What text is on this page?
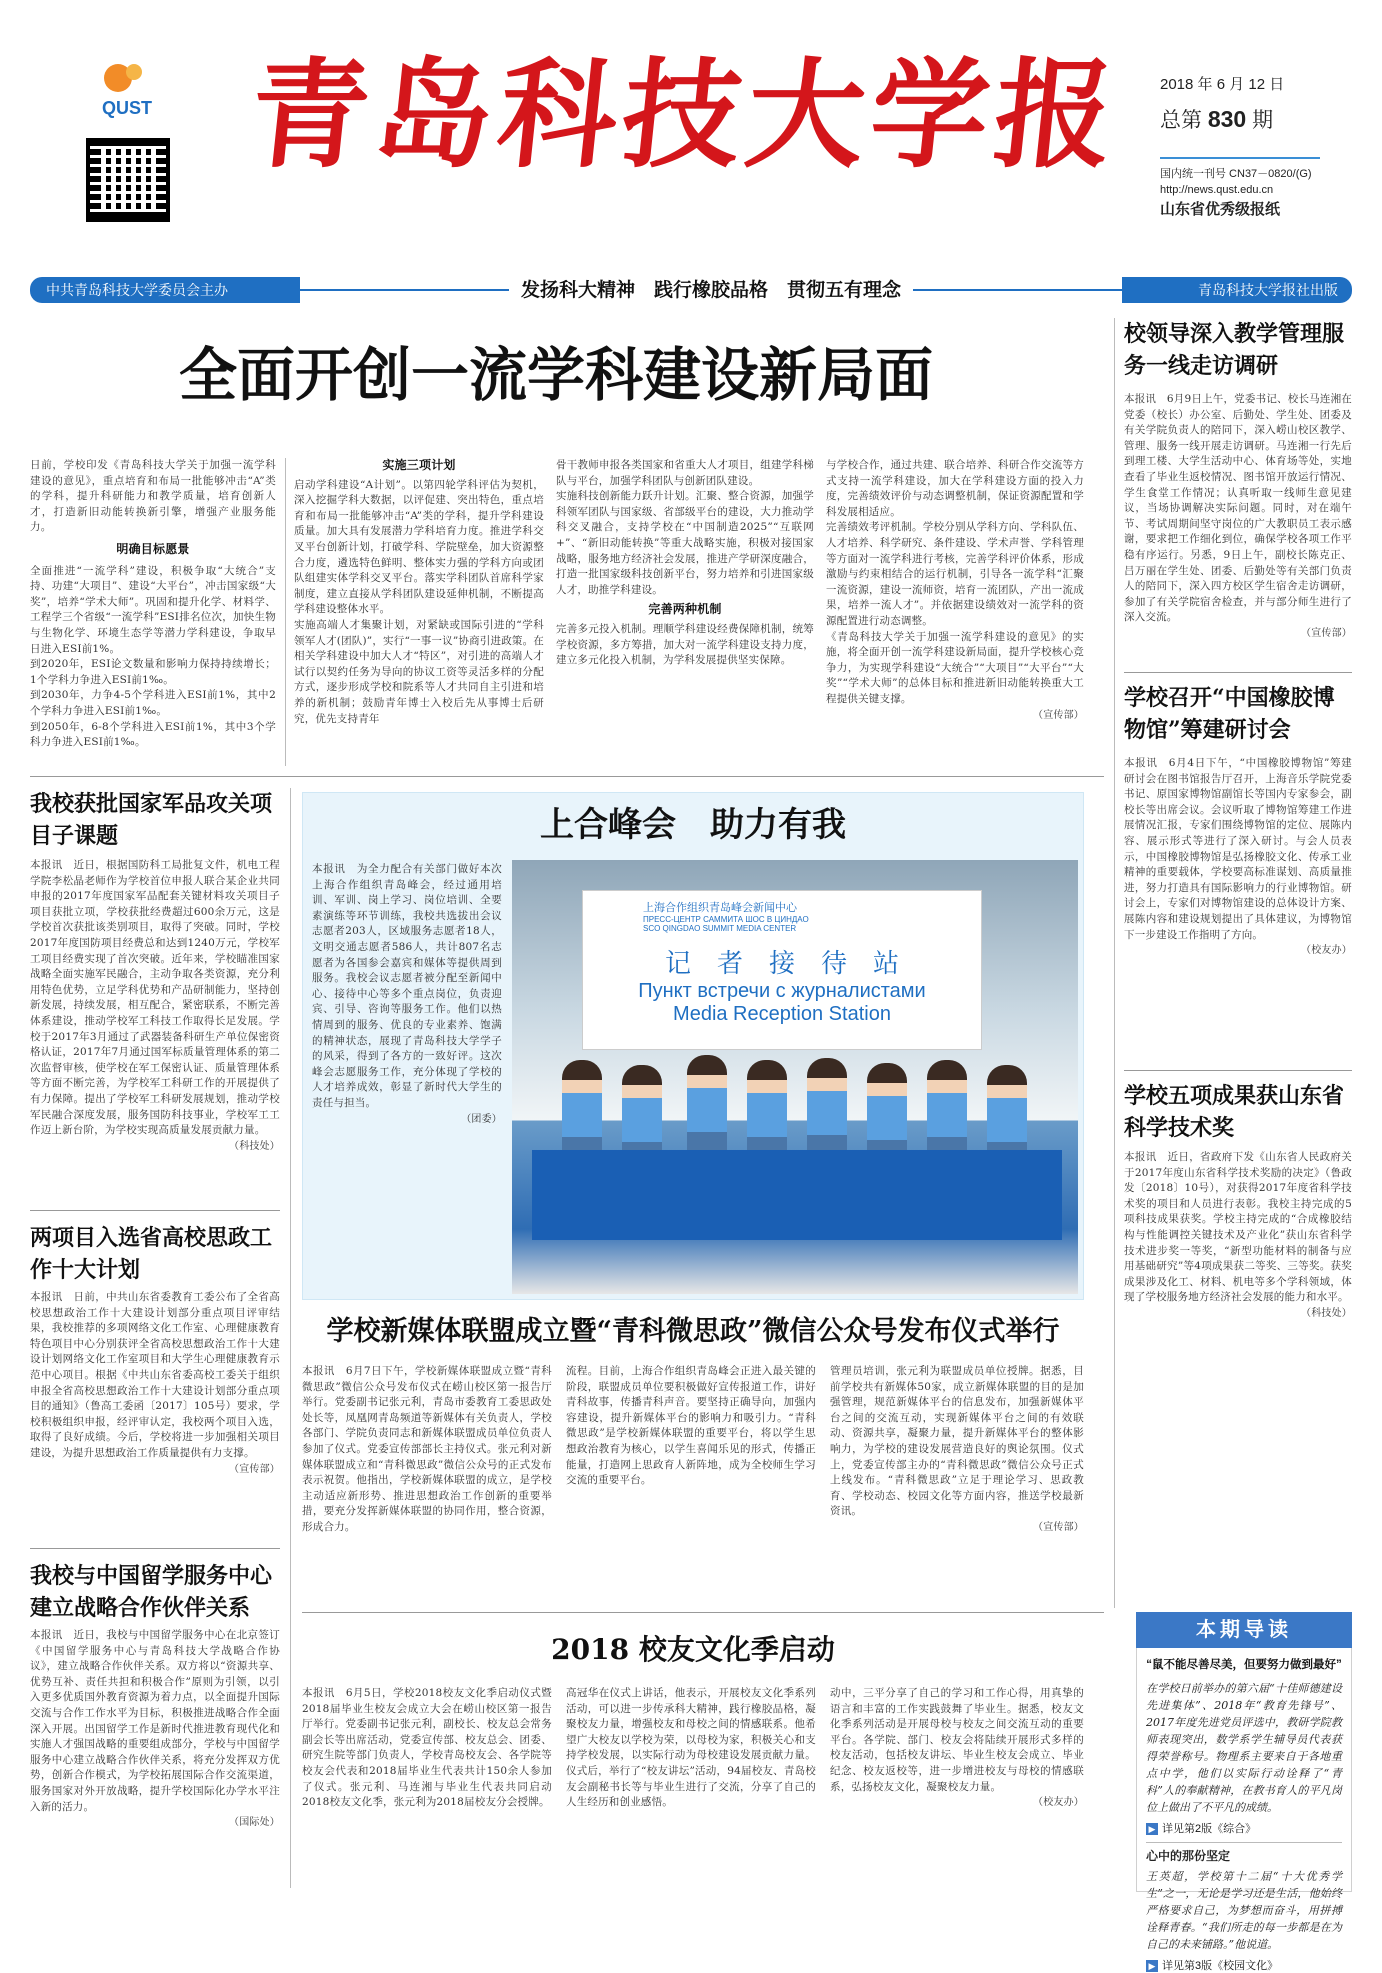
QUST 青岛科技大学报 2018 年 6 月 12 日
总第 830 期
国内统一刊号 CN37－0820/(G)
http://news.qust.edu.cn
山东省优秀级报纸
中共青岛科技大学委员会主办	发扬科大精神　践行橡胶品格　贯彻五有理念	青岛科技大学报社出版
全面开创一流学科建设新局面

日前，学校印发《青岛科技大学关于加强一流学科建设的意见》，重点培育和布局一批能够冲击“A”类的学科，提升科研能力和教学质量，培育创新人才，打造新旧动能转换新引擎，增强产业服务能力。

明确目标愿景

全面推进“一流学科”建设，积极争取“大统合”支持、功建“大项目”、建设“大平台”，冲击国家级“大奖”，培养“学术大师”。巩固和提升化学、材料学、工程学三个省级“一流学科”ESI排名位次，加快生物与生物化学、环境生态学等潜力学科建设，争取早日进入ESI前1%。

到2020年，ESI论文数量和影响力保持持续增长；1个学科力争进入ESI前1‰。

到2030年，力争4-5个学科进入ESI前1%，其中2个学科力争进入ESI前1‰。

到2050年，6-8个学科进入ESI前1%，其中3个学科力争进入ESI前1‰。

实施三项计划

启动学科建设“A计划”。以第四轮学科评估为契机，深入挖掘学科大数据，以评促建、突出特色，重点培育和布局一批能够冲击“A”类的学科，提升学科建设质量。加大具有发展潜力学科培育力度。推进学科交叉平台创新计划，打破学科、学院壁垒，加大资源整合力度，遴选特色鲜明、整体实力强的学科方向或团队组建实体学科交叉平台。落实学科团队首席科学家制度，建立直接从学科团队建设延伸机制，不断提高学科建设整体水平。

实施高端人才集聚计划，对紧缺或国际引进的“学科领军人才(团队)”，实行“一事一议”协商引进政策。在相关学科建设中加大人才“特区”，对引进的高端人才试行以契约任务为导向的协议工资等灵活多样的分配方式，逐步形成学校和院系等人才共同自主引进和培养的新机制；鼓励青年博士入校后先从事博士后研究，优先支持青年

骨干教师申报各类国家和省重大人才项目，组建学科梯队与平台，加强学科团队与创新团队建设。

实施科技创新能力跃升计划。汇聚、整合资源，加强学科领军团队与国家级、省部级平台的建设，大力推动学科交叉融合，支持学校在“中国制造2025”“互联网+”、“新旧动能转换”等重大战略实施，积极对接国家战略，服务地方经济社会发展，推进产学研深度融合，打造一批国家级科技创新平台，努力培养和引进国家级人才，助推学科建设。

完善两种机制

完善多元投入机制。理顺学科建设经费保障机制，统筹学校资源，多方筹措，加大对一流学科建设支持力度，建立多元化投入机制，为学科发展提供坚实保障。

与学校合作，通过共建、联合培养、科研合作交流等方式支持一流学科建设，加大在学科建设方面的投入力度，完善绩效评价与动态调整机制，保证资源配置和学科发展相适应。

完善绩效考评机制。学校分别从学科方向、学科队伍、人才培养、科学研究、条件建设、学术声誉、学科管理等方面对一流学科进行考核，完善学科评价体系，形成激励与约束相结合的运行机制，引导各一流学科“汇聚一流资源，建设一流师资，培育一流团队，产出一流成果，培养一流人才”。并依据建设绩效对一流学科的资源配置进行动态调整。

《青岛科技大学关于加强一流学科建设的意见》的实施，将全面开创一流学科建设新局面，提升学校核心竞争力，为实现学科建设“大统合”“大项目”“大平台”“大奖”“学术大师”的总体目标和推进新旧动能转换重大工程提供关键支撑。

（宣传部）
校领导深入教学管理服务一线走访调研

本报讯　6月9日上午，党委书记、校长马连湘在党委（校长）办公室、后勤处、学生处、团委及有关学院负责人的陪同下，深入崂山校区教学、管理、服务一线开展走访调研。马连湘一行先后到理工楼、大学生活动中心、体育场等处，实地查看了毕业生返校情况、图书馆开放运行情况、学生食堂工作情况；认真听取一线师生意见建议，当场协调解决实际问题。同时，对在端午节、考试周期间坚守岗位的广大教职员工表示感谢，要求把工作细化到位，确保学校各项工作平稳有序运行。另悉，9日上午，副校长陈克正、吕万丽在学生处、团委、后勤处等有关部门负责人的陪同下，深入四方校区学生宿舍走访调研，参加了有关学院宿舍检查，并与部分师生进行了深入交流。

（宣传部）
学校召开“中国橡胶博物馆”筹建研讨会

本报讯　6月4日下午，“中国橡胶博物馆”筹建研讨会在图书馆报告厅召开，上海音乐学院党委书记、原国家博物馆副馆长等国内专家参会，副校长等出席会议。会议听取了博物馆筹建工作进展情况汇报，专家们围绕博物馆的定位、展陈内容、展示形式等进行了深入研讨。与会人员表示，中国橡胶博物馆是弘扬橡胶文化、传承工业精神的重要载体，学校要高标准谋划、高质量推进，努力打造具有国际影响力的行业博物馆。研讨会上，专家们对博物馆建设的总体设计方案、展陈内容和建设规划提出了具体建议，为博物馆下一步建设工作指明了方向。

（校友办）
学校五项成果获山东省科学技术奖

本报讯　近日，省政府下发《山东省人民政府关于2017年度山东省科学技术奖励的决定》（鲁政发〔2018〕10号），对获得2017年度省科学技术奖的项目和人员进行表彰。我校主持完成的5项科技成果获奖。学校主持完成的“合成橡胶结构与性能调控关键技术及产业化”获山东省科学技术进步奖一等奖，“新型功能材料的制备与应用基础研究”等4项成果获二等奖、三等奖。获奖成果涉及化工、材料、机电等多个学科领域，体现了学校服务地方经济社会发展的能力和水平。

（科技处）
我校获批国家军品攻关项目子课题

本报讯　近日，根据国防科工局批复文件，机电工程学院李松晶老师作为学校首位申报人联合某企业共同申报的2017年度国家军品配套关键材料攻关项目子项目获批立项，学校获批经费超过600余万元，这是学校首次获批该类别项目，取得了突破。同时，学校2017年度国防项目经费总和达到1240万元，学校军工项目经费实现了首次突破。近年来，学校瞄准国家战略全面实施军民融合，主动争取各类资源，充分利用特色优势，立足学科优势和产品研制能力，坚持创新发展，持续发展，相互配合，紧密联系，不断完善体系建设，推动学校军工科技工作取得长足发展。学校于2017年3月通过了武器装备科研生产单位保密资格认证，2017年7月通过国军标质量管理体系的第二次监督审核，使学校在军工保密认证、质量管理体系等方面不断完善，为学校军工科研工作的开展提供了有力保障。提出了学校军工科研发展规划，推动学校军民融合深度发展，服务国防科技事业，学校军工工作迈上新台阶，为学校实现高质量发展贡献力量。

（科技处）
两项目入选省高校思政工作十大计划

本报讯　日前，中共山东省委教育工委公布了全省高校思想政治工作十大建设计划部分重点项目评审结果，我校推荐的多项网络文化工作室、心理健康教育特色项目中心分别获评全省高校思想政治工作十大建设计划网络文化工作室项目和大学生心理健康教育示范中心项目。根据《中共山东省委高校工委关于组织申报全省高校思想政治工作十大建设计划部分重点项目的通知》（鲁高工委函〔2017〕105号）要求，学校积极组织申报，经评审认定，我校两个项目入选，取得了良好成绩。今后，学校将进一步加强相关项目建设，为提升思想政治工作质量提供有力支撑。

（宣传部）
我校与中国留学服务中心建立战略合作伙伴关系

本报讯　近日，我校与中国留学服务中心在北京签订《中国留学服务中心与青岛科技大学战略合作协议》，建立战略合作伙伴关系。双方将以“资源共享、优势互补、责任共担和积极合作”原则为引领，以引入更多优质国外教育资源为着力点，以全面提升国际交流与合作工作水平为目标，积极推进战略合作全面深入开展。出国留学工作是新时代推进教育现代化和实施人才强国战略的重要组成部分，学校与中国留学服务中心建立战略合作伙伴关系，将充分发挥双方优势，创新合作模式，为学校拓展国际合作交流渠道，服务国家对外开放战略，提升学校国际化办学水平注入新的活力。

（国际处）
上合峰会　助力有我

本报讯　为全力配合有关部门做好本次上海合作组织青岛峰会，经过通用培训、军训、岗上学习、岗位培训、全要素演练等环节训练，我校共选拔出会议志愿者203人，区域服务志愿者18人，文明交通志愿者586人，共计807名志愿者为各国参会嘉宾和媒体等提供周到服务。我校会议志愿者被分配至新闻中心、接待中心等多个重点岗位，负责迎宾、引导、咨询等服务工作。他们以热情周到的服务、优良的专业素养、饱满的精神状态，展现了青岛科技大学学子的风采，得到了各方的一致好评。这次峰会志愿服务工作，充分体现了学校的人才培养成效，彰显了新时代大学生的责任与担当。

（团委）
上海合作组织青岛峰会新闻中心
ПРЕСС-ЦЕНТР САММИТА ШОС В ЦИНДАО
SCO QINGDAO SUMMIT MEDIA CENTER
记　者　接　待　站
Пункт встречи с журналистами
Media Reception Station
学校新媒体联盟成立暨“青科微思政”微信公众号发布仪式举行

本报讯　6月7日下午，学校新媒体联盟成立暨“青科微思政”微信公众号发布仪式在崂山校区第一报告厅举行。党委副书记张元利，青岛市委教育工委思政处处长等，凤凰网青岛频道等新媒体有关负责人，学校各部门、学院负责同志和新媒体联盟成员单位负责人参加了仪式。党委宣传部部长主持仪式。张元利对新媒体联盟成立和“青科微思政”微信公众号的正式发布表示祝贺。他指出，学校新媒体联盟的成立，是学校主动适应新形势、推进思想政治工作创新的重要举措，要充分发挥新媒体联盟的协同作用，整合资源，形成合力。

流程。目前，上海合作组织青岛峰会正进入最关键的阶段，联盟成员单位要积极做好宣传报道工作，讲好青科故事，传播青科声音。要坚持正确导向，加强内容建设，提升新媒体平台的影响力和吸引力。“青科微思政”是学校新媒体联盟的重要平台，将以学生思想政治教育为核心，以学生喜闻乐见的形式，传播正能量，打造网上思政育人新阵地，成为全校师生学习交流的重要平台。

管理员培训，张元利为联盟成员单位授牌。据悉，目前学校共有新媒体50家，成立新媒体联盟的目的是加强管理，规范新媒体平台的信息发布，加强新媒体平台之间的交流互动，实现新媒体平台之间的有效联动、资源共享，凝聚力量，提升新媒体平台的整体影响力，为学校的建设发展营造良好的舆论氛围。仪式上，党委宣传部主办的“青科微思政”微信公众号正式上线发布。“青科微思政”立足于理论学习、思政教育、学校动态、校园文化等方面内容，推送学校最新资讯。

（宣传部）
2018 校友文化季启动

本报讯　6月5日，学校2018校友文化季启动仪式暨2018届毕业生校友会成立大会在崂山校区第一报告厅举行。党委副书记张元利，副校长、校友总会常务副会长等出席活动，党委宣传部、校友总会、团委、研究生院等部门负责人，学校青岛校友会、各学院等校友会代表和2018届毕业生代表共计150余人参加了仪式。张元利、马连湘与毕业生代表共同启动2018校友文化季，张元利为2018届校友分会授牌。

高冠华在仪式上讲话，他表示，开展校友文化季系列活动，可以进一步传承科大精神，践行橡胶品格，凝聚校友力量，增强校友和母校之间的情感联系。他希望广大校友以学校为荣，以母校为家，积极关心和支持学校发展，以实际行动为母校建设发展贡献力量。仪式后，举行了“校友讲坛”活动，94届校友、青岛校友会副秘书长等与毕业生进行了交流，分享了自己的人生经历和创业感悟。

动中，三平分享了自己的学习和工作心得，用真挚的语言和丰富的工作实践鼓舞了毕业生。据悉，校友文化季系列活动是开展母校与校友之间交流互动的重要平台。各学院、部门、校友会将陆续开展形式多样的校友活动，包括校友讲坛、毕业生校友会成立、毕业纪念、校友返校等，进一步增进校友与母校的情感联系，弘扬校友文化，凝聚校友力量。

（校友办）
本期导读
“鼠不能尽善尽美，但要努力做到最好”
在学校日前举办的第六届“十佳师德建设先进集体”、2018年“教育先锋号”、2017年度先进党员评选中，教研学院教师表现突出，数学系学生辅导员代表获得荣誉称号。物理系主要来自于各地重点中学，他们以实际行动诠释了“青科”人的奉献精神，在教书育人的平凡岗位上做出了不平凡的成绩。
▶ 详见第2版《综合》
心中的那份坚定
王英超，学校第十二届“十大优秀学生”之一，无论是学习还是生活，他始终严格要求自己，为梦想而奋斗，用拼搏诠释青春。“我们所走的每一步都是在为自己的未来铺路。”他说道。
▶ 详见第3版《校园文化》
